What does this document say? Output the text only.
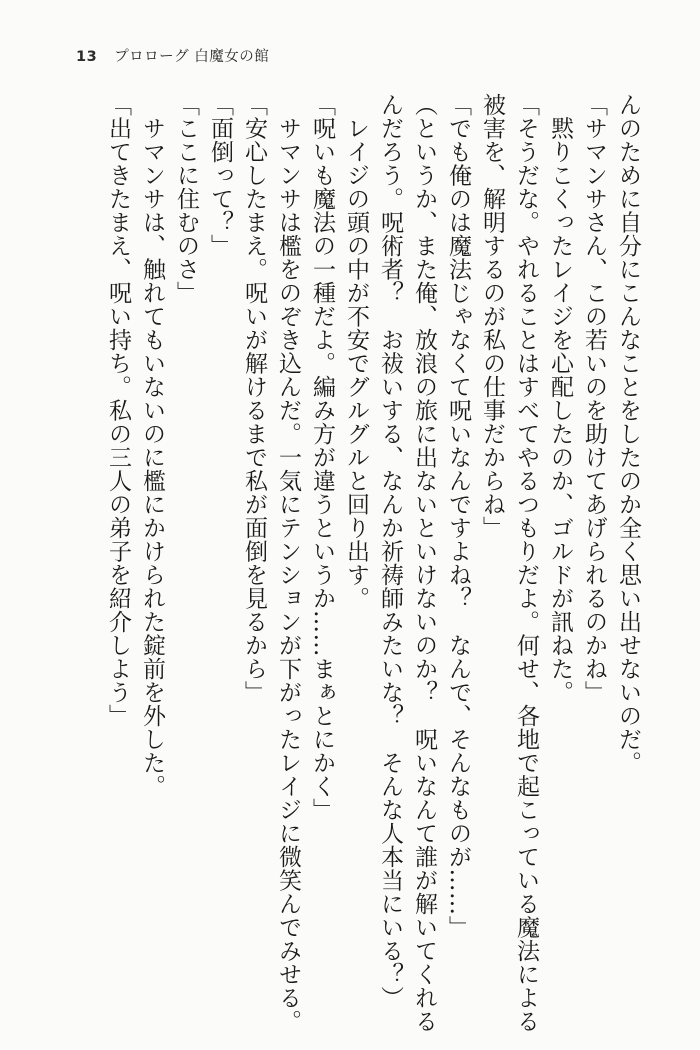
13 プロローグ 白魔女の館
んのために自分にこんなことをしたのか全く思い出せないのだ。
「サマンサさん、この若いのを助けてあげられるのかね」
　黙りこくったレイジを心配したのか、ゴルドが訊ねた。
「そうだな。やれることはすべてやるつもりだよ。何せ、各地で起こっている魔法による
被害を、解明するのが私の仕事だからね」
「でも俺のは魔法じゃなくて呪いなんですよね？　なんで、そんなものが……」
（というか、また俺、放浪の旅に出ないといけないのか？　呪いなんて誰が解いてくれる
んだろう。呪術者？　お祓いする、なんか祈祷師みたいな？　そんな人本当にいる？）
　レイジの頭の中が不安でグルグルと回り出す。
「呪いも魔法の一種だよ。編み方が違うというか……まぁとにかく」
　サマンサは檻をのぞき込んだ。一気にテンションが下がったレイジに微笑んでみせる。
「安心したまえ。呪いが解けるまで私が面倒を見るから」
「面倒って？」
「ここに住むのさ」
　サマンサは、触れてもいないのに檻にかけられた錠前を外した。
「出てきたまえ、呪い持ち。私の三人の弟子を紹介しよう」
